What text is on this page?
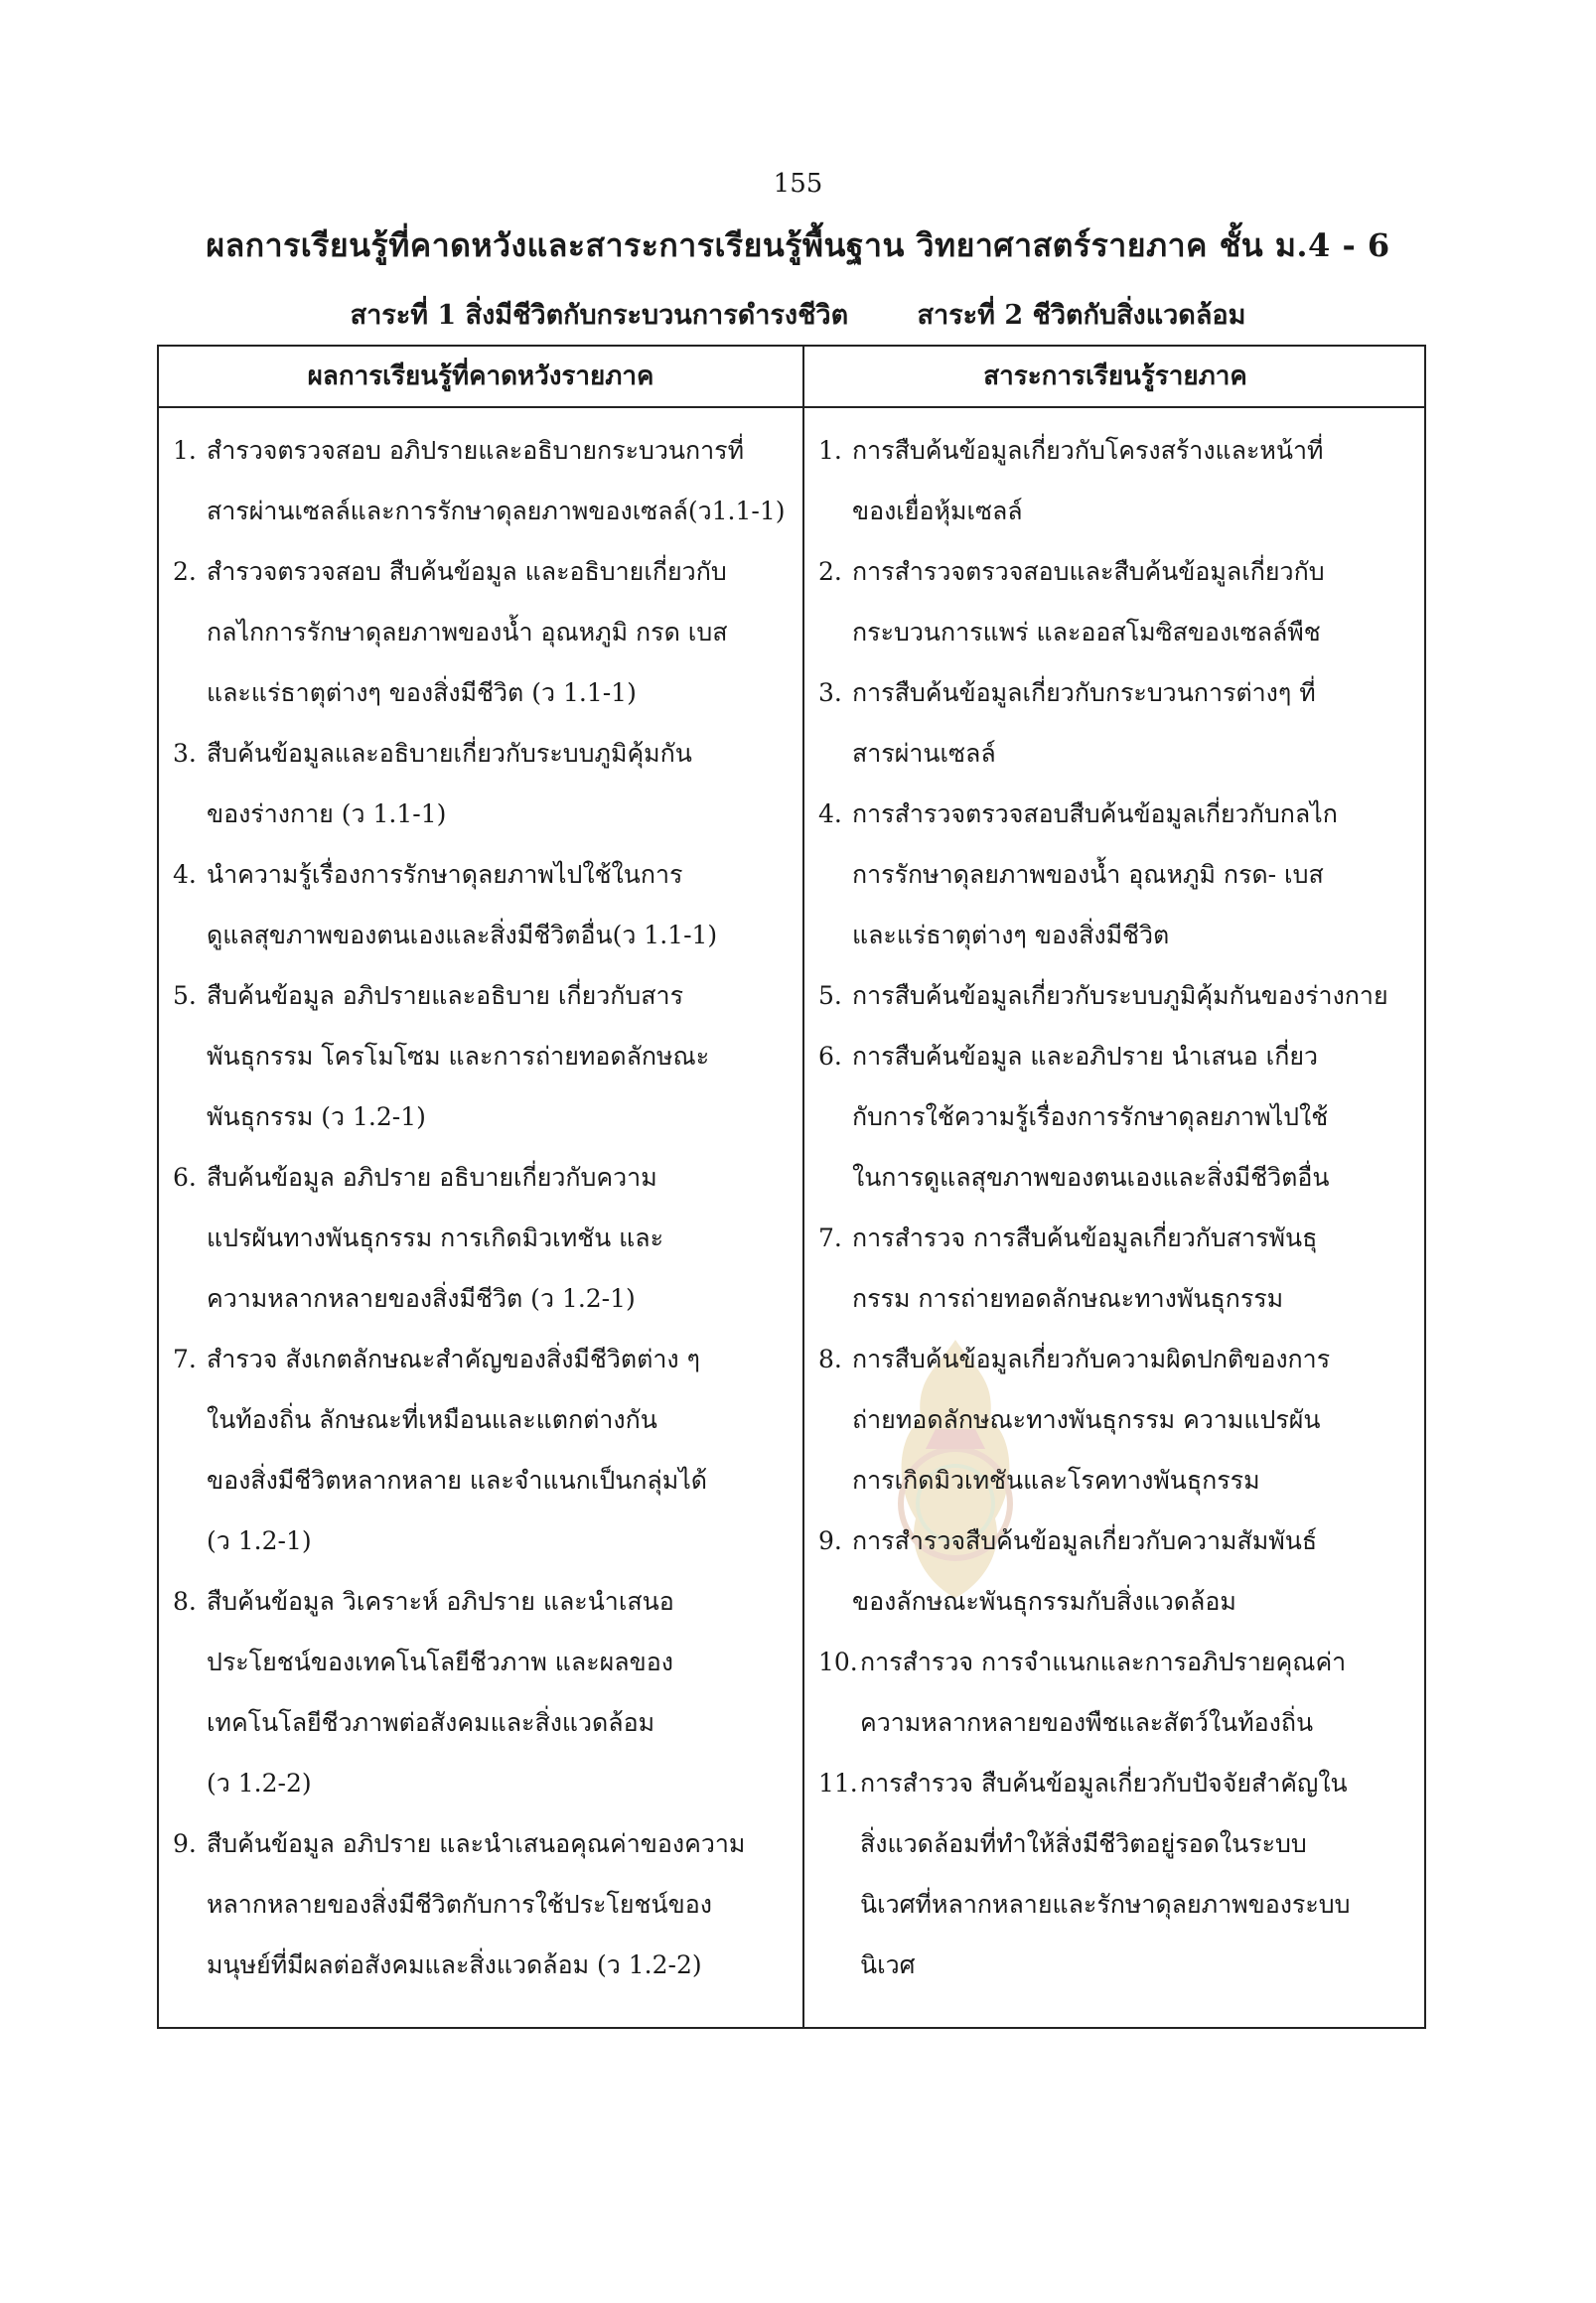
155
ผลการเรียนรู้ที่คาดหวังและสาระการเรียนรู้พื้นฐาน วิทยาศาสตร์รายภาค ชั้น ม.4 - 6
สาระที่ 1 สิ่งมีชีวิตกับกระบวนการดำรงชีวิต	สาระที่ 2 ชีวิตกับสิ่งแวดล้อม
ผลการเรียนรู้ที่คาดหวังรายภาค	สาระการเรียนรู้รายภาค
1. สำรวจตรวจสอบ อภิปรายและอธิบายกระบวนการที่
สารผ่านเซลล์และการรักษาดุลยภาพของเซลล์(ว1.1-1)
2. สำรวจตรวจสอบ สืบค้นข้อมูล และอธิบายเกี่ยวกับ
กลไกการรักษาดุลยภาพของน้ำ อุณหภูมิ กรด เบส
และแร่ธาตุต่างๆ ของสิ่งมีชีวิต (ว 1.1-1)
3. สืบค้นข้อมูลและอธิบายเกี่ยวกับระบบภูมิคุ้มกัน
ของร่างกาย (ว 1.1-1)
4. นำความรู้เรื่องการรักษาดุลยภาพไปใช้ในการ
ดูแลสุขภาพของตนเองและสิ่งมีชีวิตอื่น(ว 1.1-1)
5. สืบค้นข้อมูล อภิปรายและอธิบาย เกี่ยวกับสาร
พันธุกรรม โครโมโซม และการถ่ายทอดลักษณะ
พันธุกรรม (ว 1.2-1)
6. สืบค้นข้อมูล อภิปราย อธิบายเกี่ยวกับความ
แปรผันทางพันธุกรรม การเกิดมิวเทชัน และ
ความหลากหลายของสิ่งมีชีวิต (ว 1.2-1)
7. สำรวจ สังเกตลักษณะสำคัญของสิ่งมีชีวิตต่าง ๆ
ในท้องถิ่น ลักษณะที่เหมือนและแตกต่างกัน
ของสิ่งมีชีวิตหลากหลาย และจำแนกเป็นกลุ่มได้
(ว 1.2-1)
8. สืบค้นข้อมูล วิเคราะห์ อภิปราย และนำเสนอ
ประโยชน์ของเทคโนโลยีชีวภาพ และผลของ
เทคโนโลยีชีวภาพต่อสังคมและสิ่งแวดล้อม
(ว 1.2-2)
9. สืบค้นข้อมูล อภิปราย และนำเสนอคุณค่าของความ
หลากหลายของสิ่งมีชีวิตกับการใช้ประโยชน์ของ
มนุษย์ที่มีผลต่อสังคมและสิ่งแวดล้อม (ว 1.2-2)
1. การสืบค้นข้อมูลเกี่ยวกับโครงสร้างและหน้าที่
ของเยื่อหุ้มเซลล์
2. การสำรวจตรวจสอบและสืบค้นข้อมูลเกี่ยวกับ
กระบวนการแพร่ และออสโมซิสของเซลล์พืช
3. การสืบค้นข้อมูลเกี่ยวกับกระบวนการต่างๆ ที่
สารผ่านเซลล์
4. การสำรวจตรวจสอบสืบค้นข้อมูลเกี่ยวกับกลไก
การรักษาดุลยภาพของน้ำ อุณหภูมิ กรด- เบส
และแร่ธาตุต่างๆ ของสิ่งมีชีวิต
5. การสืบค้นข้อมูลเกี่ยวกับระบบภูมิคุ้มกันของร่างกาย
6. การสืบค้นข้อมูล และอภิปราย นำเสนอ เกี่ยว
กับการใช้ความรู้เรื่องการรักษาดุลยภาพไปใช้
ในการดูแลสุขภาพของตนเองและสิ่งมีชีวิตอื่น
7. การสำรวจ การสืบค้นข้อมูลเกี่ยวกับสารพันธุ
กรรม การถ่ายทอดลักษณะทางพันธุกรรม
8. การสืบค้นข้อมูลเกี่ยวกับความผิดปกติของการ
ถ่ายทอดลักษณะทางพันธุกรรม ความแปรผัน
การเกิดมิวเทชันและโรคทางพันธุกรรม
9. การสำรวจสืบค้นข้อมูลเกี่ยวกับความสัมพันธ์
ของลักษณะพันธุกรรมกับสิ่งแวดล้อม
10. การสำรวจ การจำแนกและการอภิปรายคุณค่า
ความหลากหลายของพืชและสัตว์ในท้องถิ่น
11. การสำรวจ สืบค้นข้อมูลเกี่ยวกับปัจจัยสำคัญใน
สิ่งแวดล้อมที่ทำให้สิ่งมีชีวิตอยู่รอดในระบบ
นิเวศที่หลากหลายและรักษาดุลยภาพของระบบ
นิเวศ
